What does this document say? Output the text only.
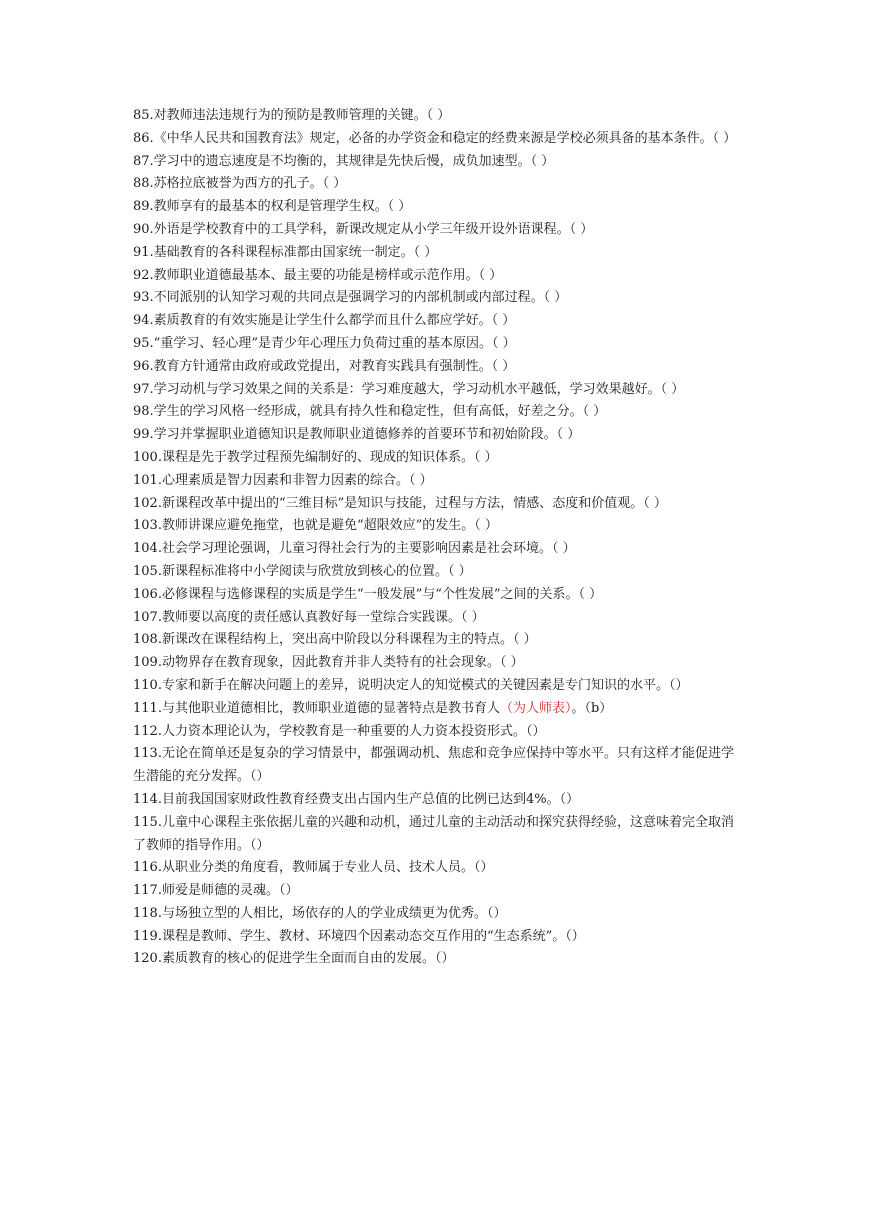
85.对教师违法违规行为的预防是教师管理的关键。（ ）

86.《中华人民共和国教育法》规定，必备的办学资金和稳定的经费来源是学校必须具备的基本条件。（ ）

87.学习中的遗忘速度是不均衡的，其规律是先快后慢，成负加速型。（ ）

88.苏格拉底被誉为西方的孔子。（ ）

89.教师享有的最基本的权利是管理学生权。（ ）

90.外语是学校教育中的工具学科，新课改规定从小学三年级开设外语课程。（ ）

91.基础教育的各科课程标准都由国家统一制定。（ ）

92.教师职业道德最基本、最主要的功能是榜样或示范作用。（ ）

93.不同派别的认知学习观的共同点是强调学习的内部机制或内部过程。（ ）

94.素质教育的有效实施是让学生什么都学而且什么都应学好。（ ）

95.“重学习、轻心理”是青少年心理压力负荷过重的基本原因。（ ）

96.教育方针通常由政府或政党提出，对教育实践具有强制性。（ ）

97.学习动机与学习效果之间的关系是：学习难度越大，学习动机水平越低，学习效果越好。（ ）

98.学生的学习风格一经形成，就具有持久性和稳定性，但有高低，好差之分。（ ）

99.学习并掌握职业道德知识是教师职业道德修养的首要环节和初始阶段。（ ）

100.课程是先于教学过程预先编制好的、现成的知识体系。（ ）

101.心理素质是智力因素和非智力因素的综合。（ ）

102.新课程改革中提出的“三维目标”是知识与技能，过程与方法，情感、态度和价值观。（ ）

103.教师讲课应避免拖堂，也就是避免“超限效应”的发生。（ ）

104.社会学习理论强调，儿童习得社会行为的主要影响因素是社会环境。（ ）

105.新课程标准将中小学阅读与欣赏放到核心的位置。（ ）

106.必修课程与选修课程的实质是学生“一般发展”与“个性发展”之间的关系。（ ）

107.教师要以高度的责任感认真教好每一堂综合实践课。（ ）

108.新课改在课程结构上，突出高中阶段以分科课程为主的特点。（ ）

109.动物界存在教育现象，因此教育并非人类特有的社会现象。（ ）

110.专家和新手在解决问题上的差异，说明决定人的知觉模式的关键因素是专门知识的水平。（）

111.与其他职业道德相比，教师职业道德的显著特点是教书育人（为人师表）。（b）

112.人力资本理论认为，学校教育是一种重要的人力资本投资形式。（）

113.无论在简单还是复杂的学习情景中，都强调动机、焦虑和竞争应保持中等水平。只有这样才能促进学生潜能的充分发挥。（）

114.目前我国国家财政性教育经费支出占国内生产总值的比例已达到4%。（）

115.儿童中心课程主张依据儿童的兴趣和动机，通过儿童的主动活动和探究获得经验，这意味着完全取消了教师的指导作用。（）

116.从职业分类的角度看，教师属于专业人员、技术人员。（）

117.师爱是师德的灵魂。（）

118.与场独立型的人相比，场依存的人的学业成绩更为优秀。（）

119.课程是教师、学生、教材、环境四个因素动态交互作用的“生态系统”。（）

120.素质教育的核心的促进学生全面而自由的发展。（）
